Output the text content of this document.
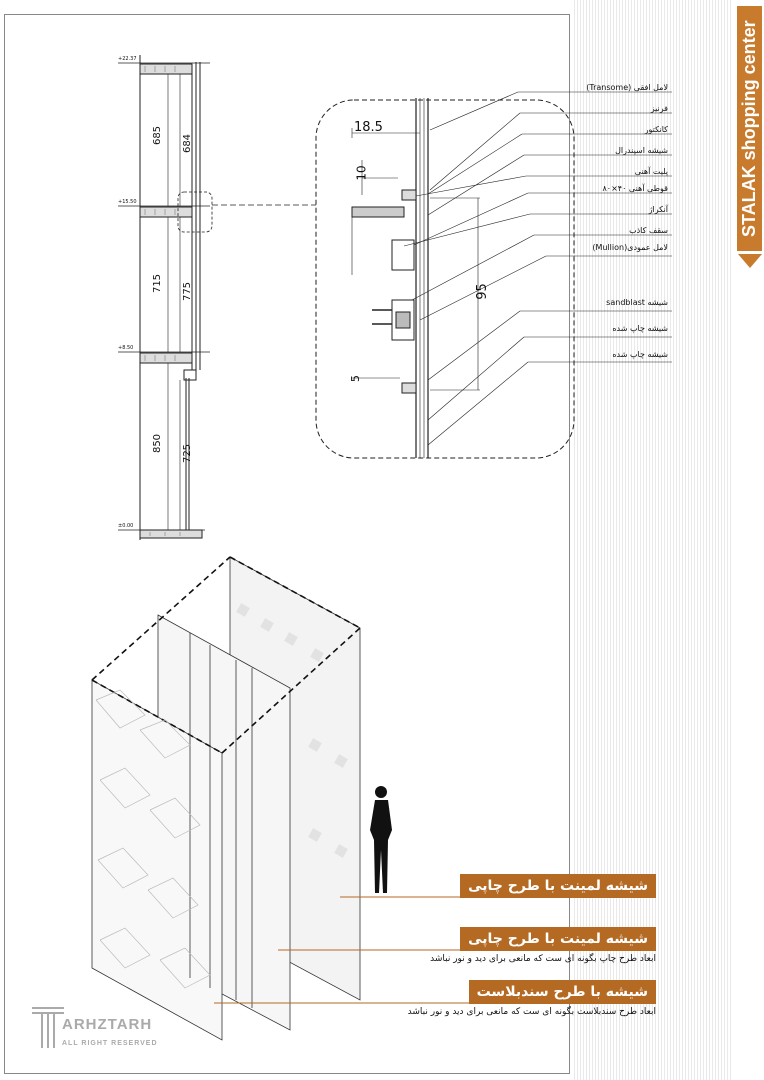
STALAK shopping center
+22.37
+15.50
+8.50
±0.00
685
715
850
684
775
725
18.5
10
95
5
لامل افقی (Transome)
فرنیز
کانکتور
شیشه اسپندرال
پلیت آهنی
قوطی آهنی ۴۰×۸۰
آنکراژ
سقف کاذب
لامل عمودی(Mullion)
شیشه sandblast
شیشه چاپ شده
شیشه چاپ شده
شیشه لمینت با طرح چاپی
شیشه لمینت با طرح چاپی
ابعاد طرح چاپ بگونه ای ست که مانعی برای دید و نور نباشد
شیشه با طرح سندبلاست
ابعاد طرح سندبلاست بگونه ای ست که مانعی برای دید و نور نباشد
ARHZTARH
ALL RIGHT RESERVED
